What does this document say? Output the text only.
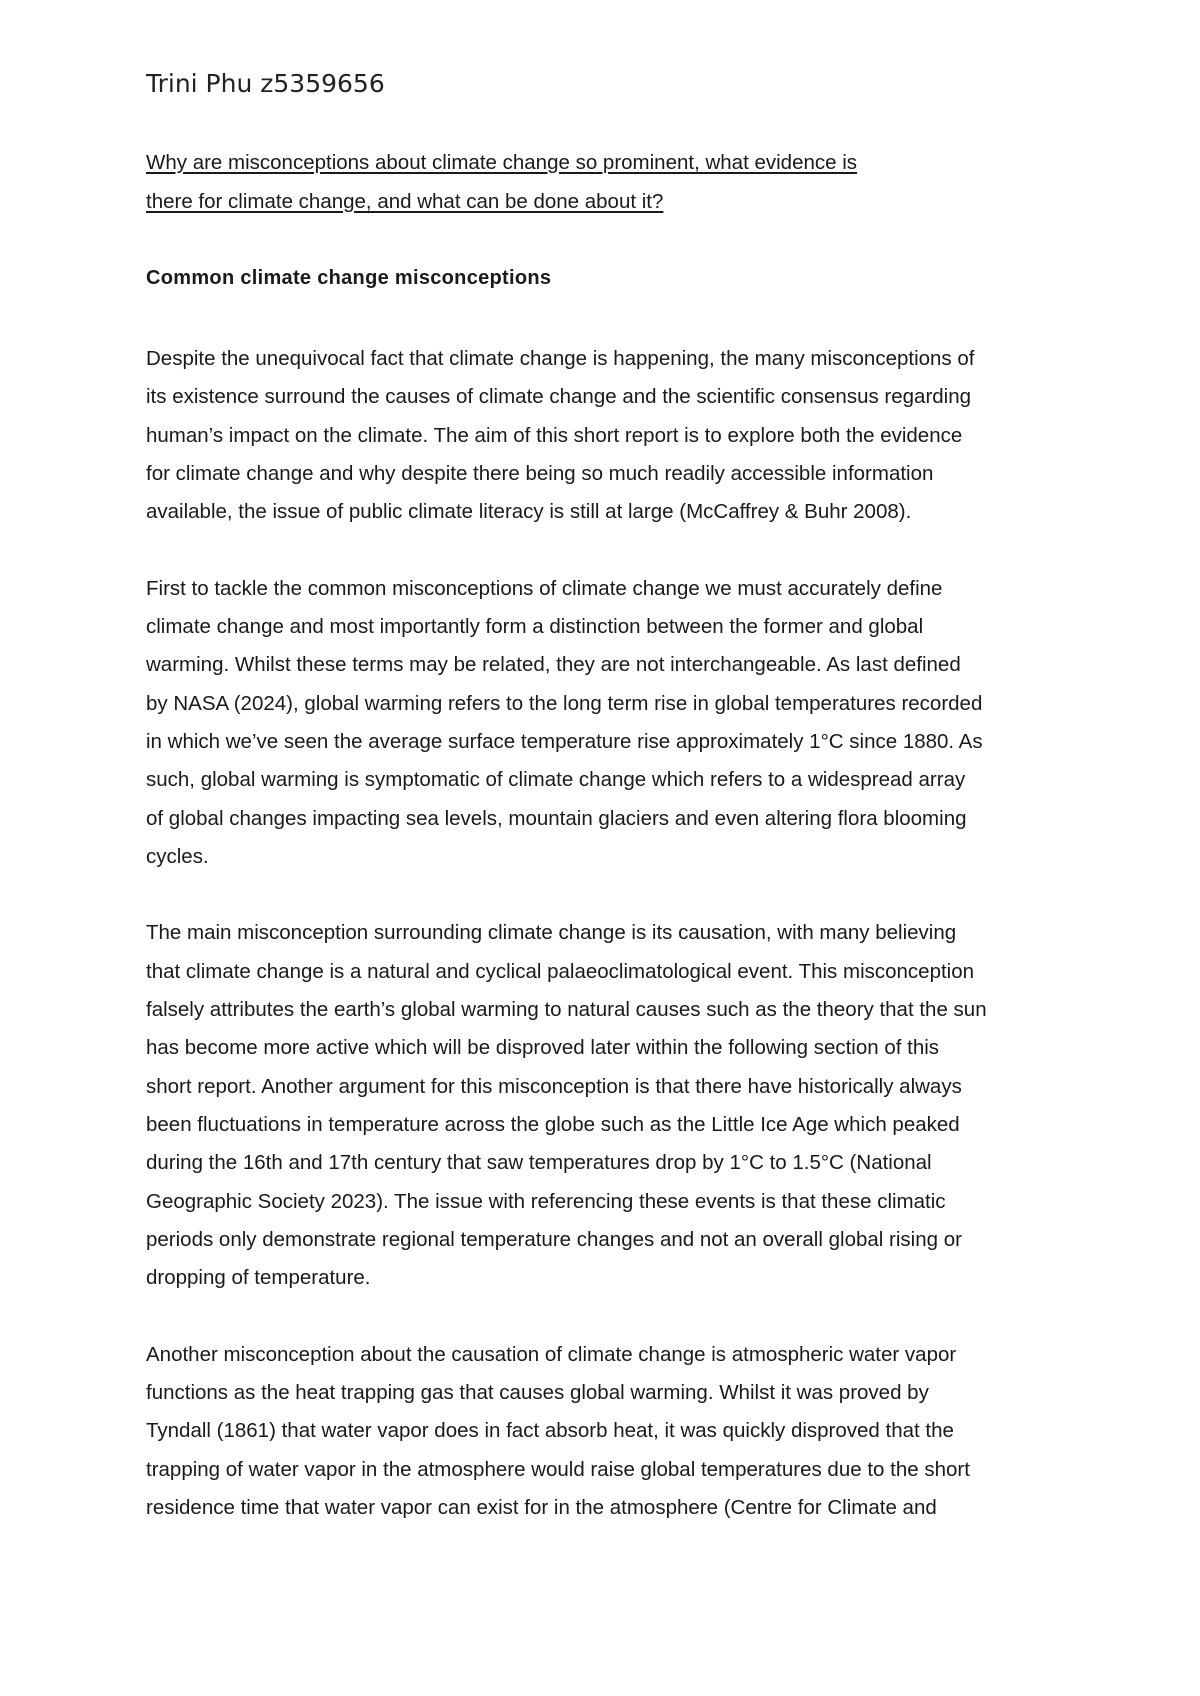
Trini Phu z5359656
Why are misconceptions about climate change so prominent, what evidence is
there for climate change, and what can be done about it?
Common climate change misconceptions
Despite the unequivocal fact that climate change is happening, the many misconceptions of
its existence surround the causes of climate change and the scientific consensus regarding
human’s impact on the climate. The aim of this short report is to explore both the evidence
for climate change and why despite there being so much readily accessible information
available, the issue of public climate literacy is still at large (McCaffrey & Buhr 2008).
First to tackle the common misconceptions of climate change we must accurately define
climate change and most importantly form a distinction between the former and global
warming. Whilst these terms may be related, they are not interchangeable. As last defined
by NASA (2024), global warming refers to the long term rise in global temperatures recorded
in which we’ve seen the average surface temperature rise approximately 1°C since 1880. As
such, global warming is symptomatic of climate change which refers to a widespread array
of global changes impacting sea levels, mountain glaciers and even altering flora blooming
cycles.
The main misconception surrounding climate change is its causation, with many believing
that climate change is a natural and cyclical palaeoclimatological event. This misconception
falsely attributes the earth’s global warming to natural causes such as the theory that the sun
has become more active which will be disproved later within the following section of this
short report. Another argument for this misconception is that there have historically always
been fluctuations in temperature across the globe such as the Little Ice Age which peaked
during the 16th and 17th century that saw temperatures drop by 1°C to 1.5°C (National
Geographic Society 2023). The issue with referencing these events is that these climatic
periods only demonstrate regional temperature changes and not an overall global rising or
dropping of temperature.
Another misconception about the causation of climate change is atmospheric water vapor
functions as the heat trapping gas that causes global warming. Whilst it was proved by
Tyndall (1861) that water vapor does in fact absorb heat, it was quickly disproved that the
trapping of water vapor in the atmosphere would raise global temperatures due to the short
residence time that water vapor can exist for in the atmosphere (Centre for Climate and
